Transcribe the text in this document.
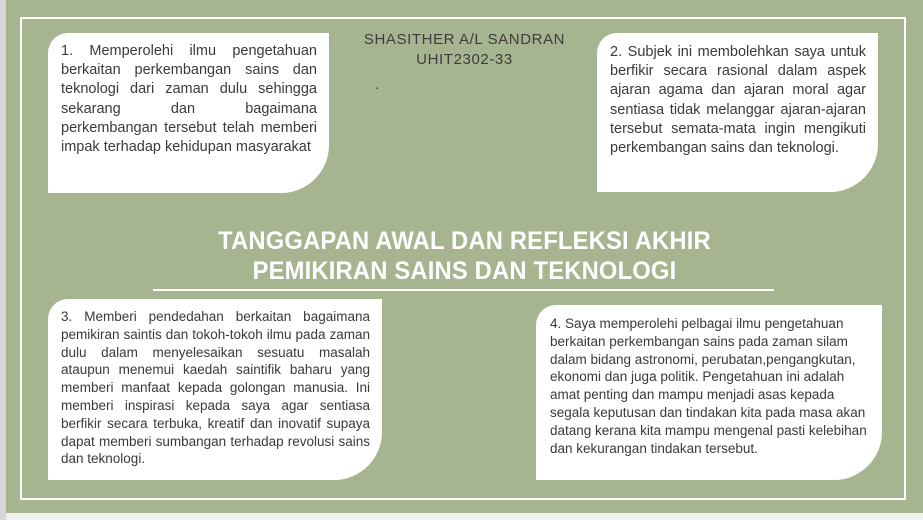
SHASITHER A/L SANDRAN
UHIT2302-33
.

1. Memperolehi ilmu pengetahuan berkaitan perkembangan sains dan teknologi dari zaman dulu sehingga sekarang dan bagaimana perkembangan tersebut telah memberi impak terhadap kehidupan masyarakat

2. Subjek ini membolehkan saya untuk berfikir secara rasional dalam aspek ajaran agama dan ajaran moral agar sentiasa tidak melanggar ajaran-ajaran tersebut semata-mata ingin mengikuti perkembangan sains dan teknologi.

TANGGAPAN AWAL DAN REFLEKSI AKHIR
PEMIKIRAN SAINS DAN TEKNOLOGI

3. Memberi pendedahan berkaitan bagaimana pemikiran saintis dan tokoh-tokoh ilmu pada zaman dulu dalam menyelesaikan sesuatu masalah ataupun menemui kaedah saintifik baharu yang memberi manfaat kepada golongan manusia. Ini memberi inspirasi kepada saya agar sentiasa berfikir secara terbuka, kreatif dan inovatif supaya dapat memberi sumbangan terhadap revolusi sains dan teknologi.

4. Saya memperolehi pelbagai ilmu pengetahuan berkaitan perkembangan sains pada zaman silam dalam bidang astronomi, perubatan,pengangkutan, ekonomi dan juga politik. Pengetahuan ini adalah amat penting dan mampu menjadi asas kepada segala keputusan dan tindakan kita pada masa akan datang kerana kita mampu mengenal pasti kelebihan dan kekurangan tindakan tersebut.
